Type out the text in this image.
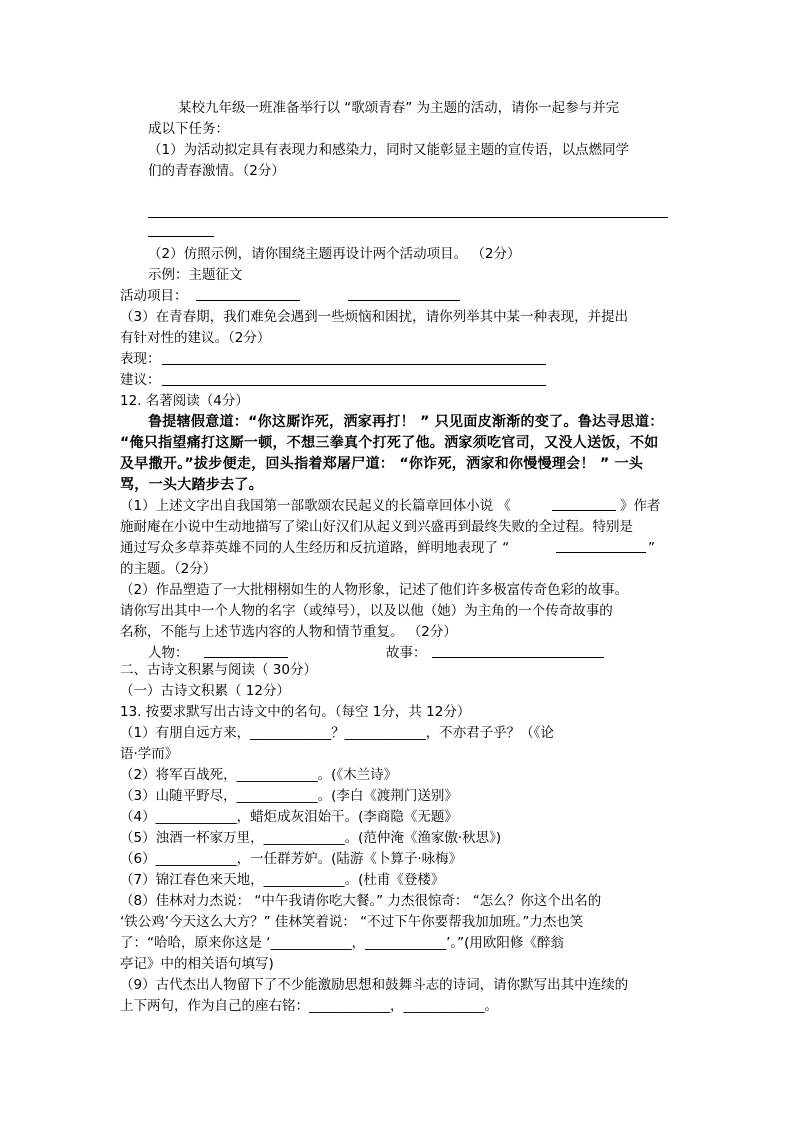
某校九年级一班准备举行以 “歌颂青春” 为主题的活动，请你一起参与并完

成以下任务：

（1）为活动拟定具有表现力和感染力，同时又能彰显主题的宣传语，以点燃同学

们的青春激情。（2分）

（2）仿照示例，请你围绕主题再设计两个活动项目。 （2分）

示例：主题征文

活动项目：

（3）在青春期，我们难免会遇到一些烦恼和困扰，请你列举其中某一种表现，并提出

有针对性的建议。（2分）

表现：

建议：

12. 名著阅读（4分）

鲁提辖假意道：“你这厮诈死，洒家再打！ ” 只见面皮渐渐的变了。鲁达寻思道：

“俺只指望痛打这厮一顿，不想三拳真个打死了他。洒家须吃官司，又没人送饭，不如

及早撒开。”拔步便走，回头指着郑屠尸道： “你诈死，洒家和你慢慢理会！ ” 一头

骂，一头大踏步去了。

（1）上述文字出自我国第一部歌颂农民起义的长篇章回体小说 《	》作者

施耐庵在小说中生动地描写了梁山好汉们从起义到兴盛再到最终失败的全过程。特别是

通过写众多草莽英雄不同的人生经历和反抗道路，鲜明地表现了 “	”

的主题。（2分）

（2）作品塑造了一大批栩栩如生的人物形象，记述了他们许多极富传奇色彩的故事。

请你写出其中一个人物的名字（或绰号），以及以他（她）为主角的一个传奇故事的

名称，不能与上述节选内容的人物和情节重复。 （2分）

人物：	故事：

二、古诗文积累与阅读（ 30分）

（一）古诗文积累（ 12分）

13. 按要求默写出古诗文中的名句。（每空 1分，共 12分）

（1）有朋自远方来，____________？____________，不亦君子乎？（《论

语·学而》

（2）将军百战死，____________。(《木兰诗》

（3）山随平野尽，____________。(李白《渡荆门送别》

（4）____________，蜡炬成灰泪始干。(李商隐《无题》

（5）浊酒一杯家万里，____________。(范仲淹《渔家傲·秋思》)

（6）____________，一任群芳妒。(陆游《卜算子·咏梅》

（7）锦江春色来天地，____________。(杜甫《登楼》

（8）佳林对力杰说： “中午我请你吃大餐。” 力杰很惊奇： “怎么？你这个出名的

‘铁公鸡’今天这么大方？” 佳林笑着说： “不过下午你要帮我加加班。”力杰也笑

了：“哈哈，原来你这是 ‘____________，____________’。”(用欧阳修《醉翁

亭记》中的相关语句填写)

（9）古代杰出人物留下了不少能激励思想和鼓舞斗志的诗词，请你默写出其中连续的

上下两句，作为自己的座右铭：____________，____________。
